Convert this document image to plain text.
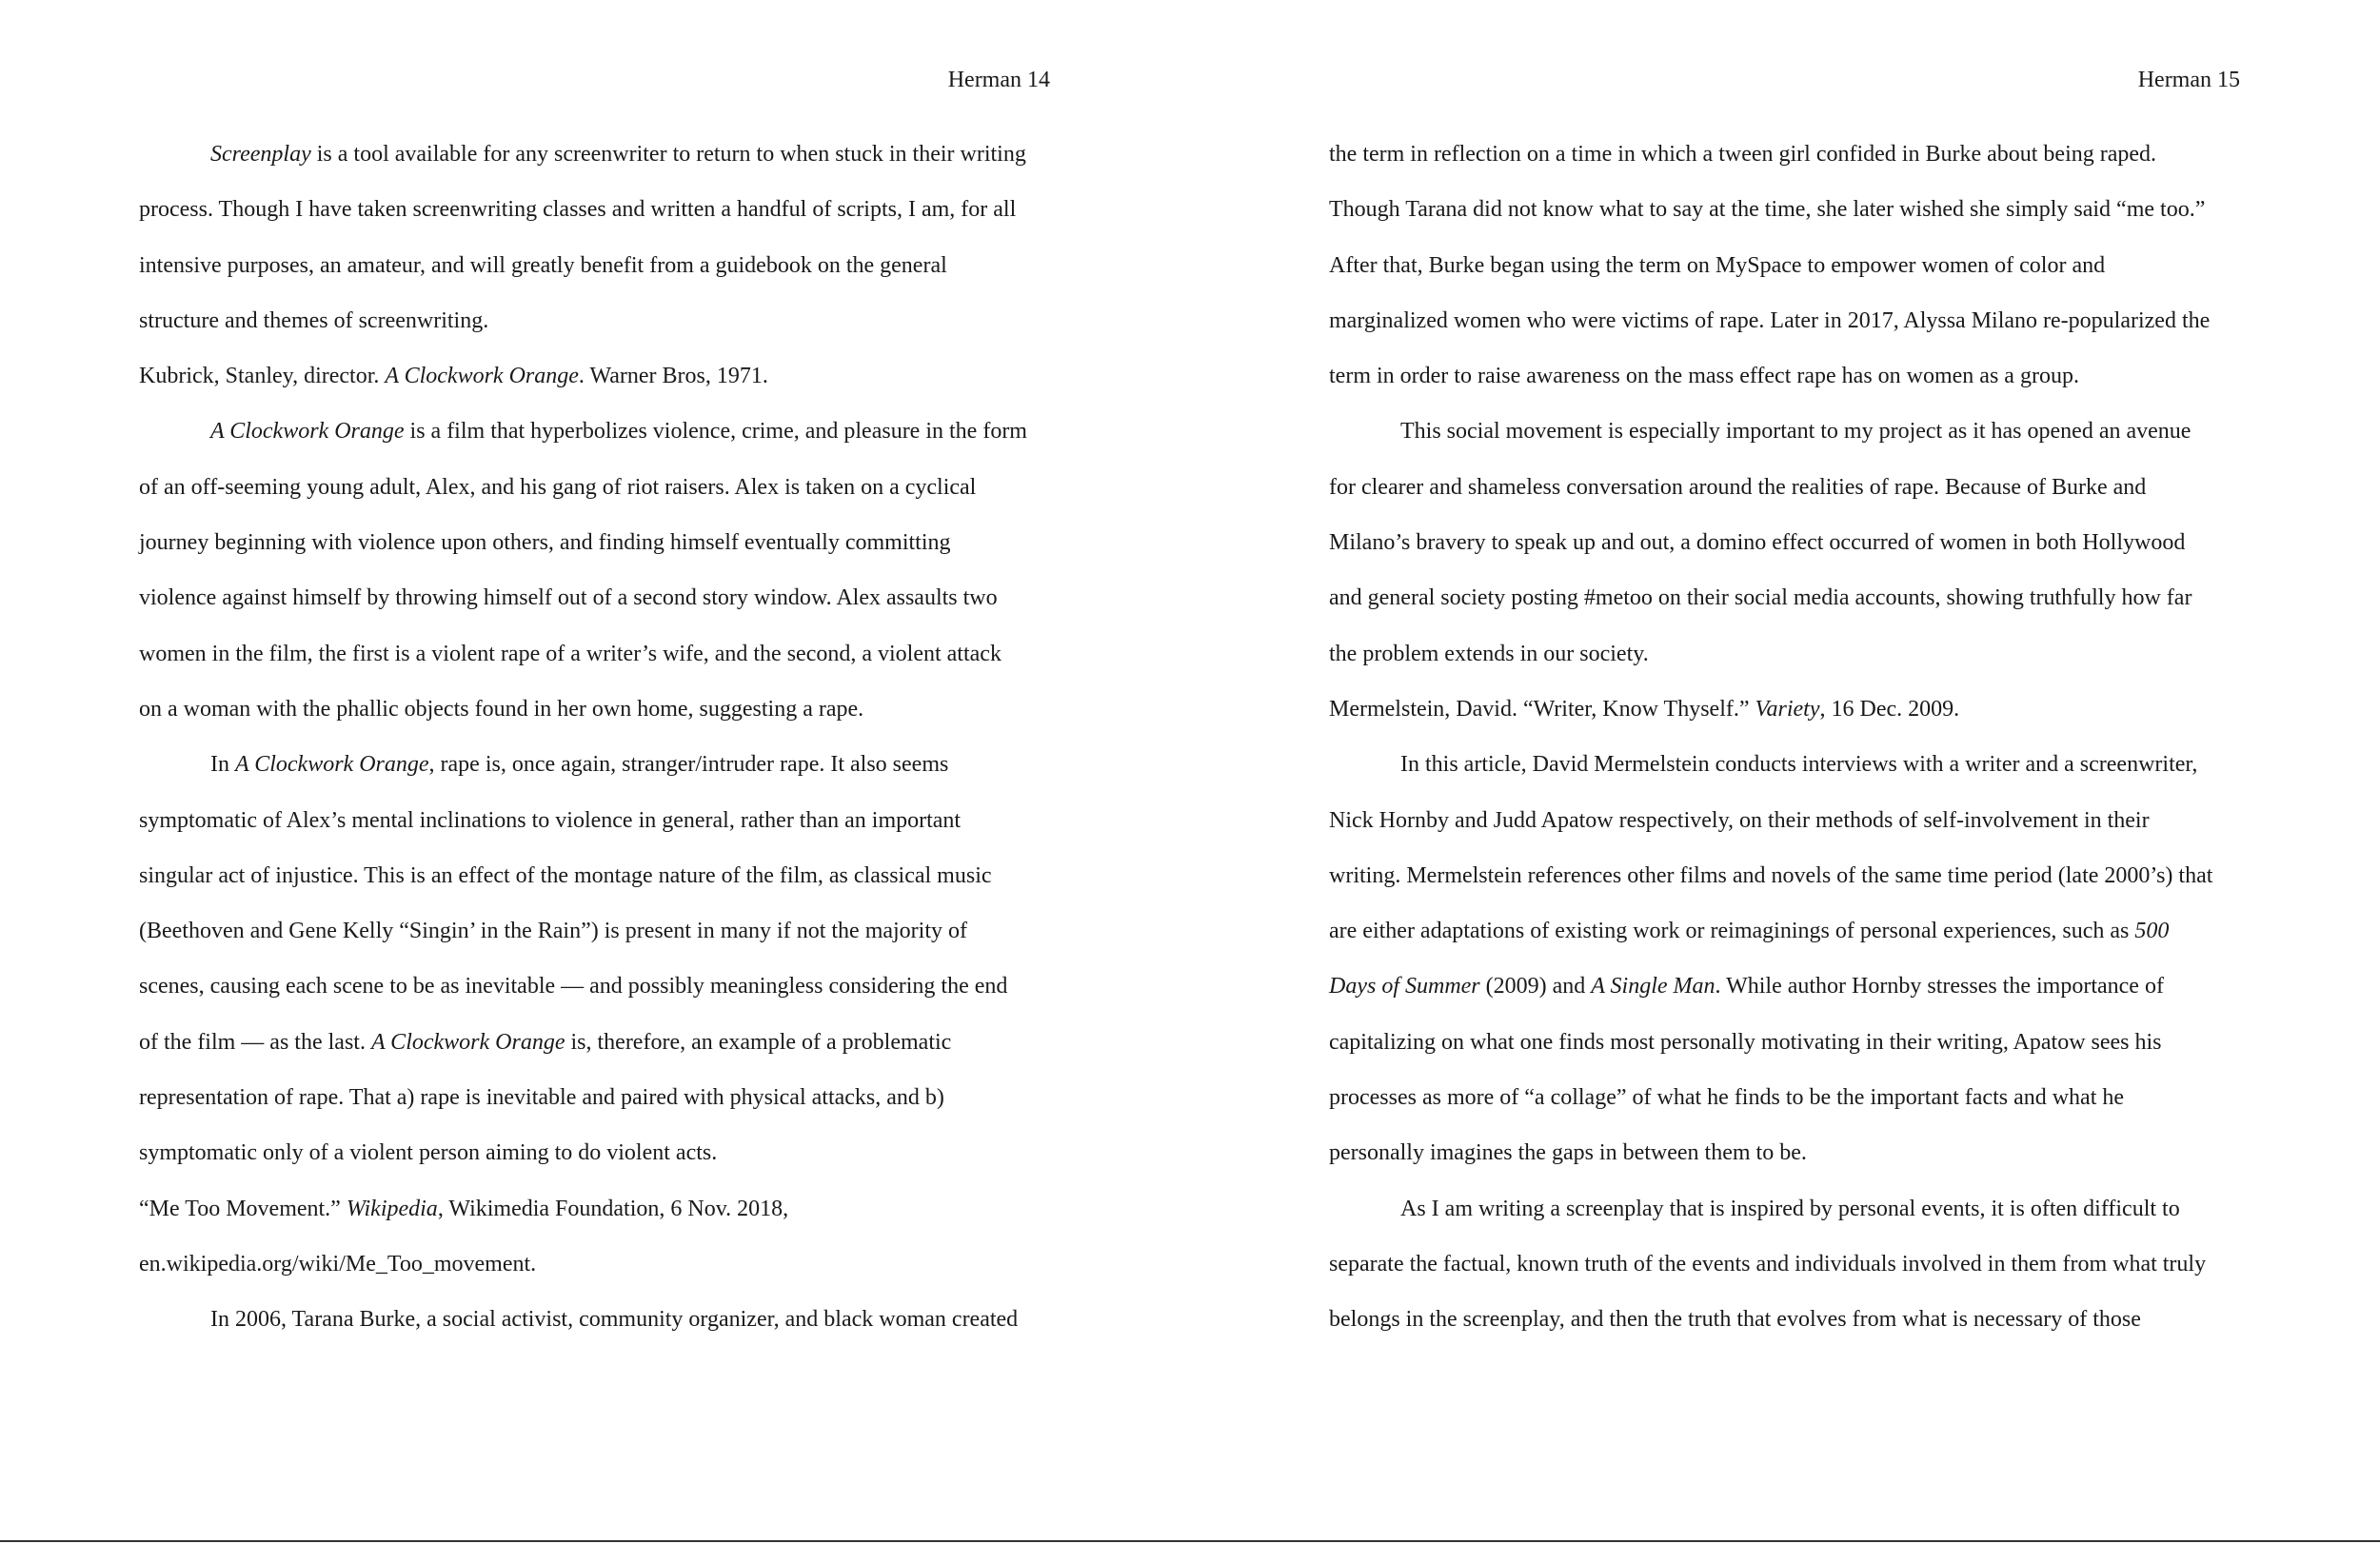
Herman 14
Screenplay is a tool available for any screenwriter to return to when stuck in their writing
process. Though I have taken screenwriting classes and written a handful of scripts, I am, for all
intensive purposes, an amateur, and will greatly benefit from a guidebook on the general
structure and themes of screenwriting.
Kubrick, Stanley, director. A Clockwork Orange. Warner Bros, 1971.
A Clockwork Orange is a film that hyperbolizes violence, crime, and pleasure in the form
of an off-seeming young adult, Alex, and his gang of riot raisers. Alex is taken on a cyclical
journey beginning with violence upon others, and finding himself eventually committing
violence against himself by throwing himself out of a second story window. Alex assaults two
women in the film, the first is a violent rape of a writer’s wife, and the second, a violent attack
on a woman with the phallic objects found in her own home, suggesting a rape.
In A Clockwork Orange, rape is, once again, stranger/intruder rape. It also seems
symptomatic of Alex’s mental inclinations to violence in general, rather than an important
singular act of injustice. This is an effect of the montage nature of the film, as classical music
(Beethoven and Gene Kelly “Singin’ in the Rain”) is present in many if not the majority of
scenes, causing each scene to be as inevitable — and possibly meaningless considering the end
of the film — as the last. A Clockwork Orange is, therefore, an example of a problematic
representation of rape. That a) rape is inevitable and paired with physical attacks, and b)
symptomatic only of a violent person aiming to do violent acts.
“Me Too Movement.” Wikipedia, Wikimedia Foundation, 6 Nov. 2018,
en.wikipedia.org/wiki/Me_Too_movement.
In 2006, Tarana Burke, a social activist, community organizer, and black woman created
Herman 15
the term in reflection on a time in which a tween girl confided in Burke about being raped.
Though Tarana did not know what to say at the time, she later wished she simply said “me too.”
After that, Burke began using the term on MySpace to empower women of color and
marginalized women who were victims of rape. Later in 2017, Alyssa Milano re-popularized the
term in order to raise awareness on the mass effect rape has on women as a group.
This social movement is especially important to my project as it has opened an avenue
for clearer and shameless conversation around the realities of rape. Because of Burke and
Milano’s bravery to speak up and out, a domino effect occurred of women in both Hollywood
and general society posting #metoo on their social media accounts, showing truthfully how far
the problem extends in our society.
Mermelstein, David. “Writer, Know Thyself.” Variety, 16 Dec. 2009.
In this article, David Mermelstein conducts interviews with a writer and a screenwriter,
Nick Hornby and Judd Apatow respectively, on their methods of self-involvement in their
writing. Mermelstein references other films and novels of the same time period (late 2000’s) that
are either adaptations of existing work or reimaginings of personal experiences, such as 500
Days of Summer (2009) and A Single Man. While author Hornby stresses the importance of
capitalizing on what one finds most personally motivating in their writing, Apatow sees his
processes as more of “a collage” of what he finds to be the important facts and what he
personally imagines the gaps in between them to be.
As I am writing a screenplay that is inspired by personal events, it is often difficult to
separate the factual, known truth of the events and individuals involved in them from what truly
belongs in the screenplay, and then the truth that evolves from what is necessary of those
